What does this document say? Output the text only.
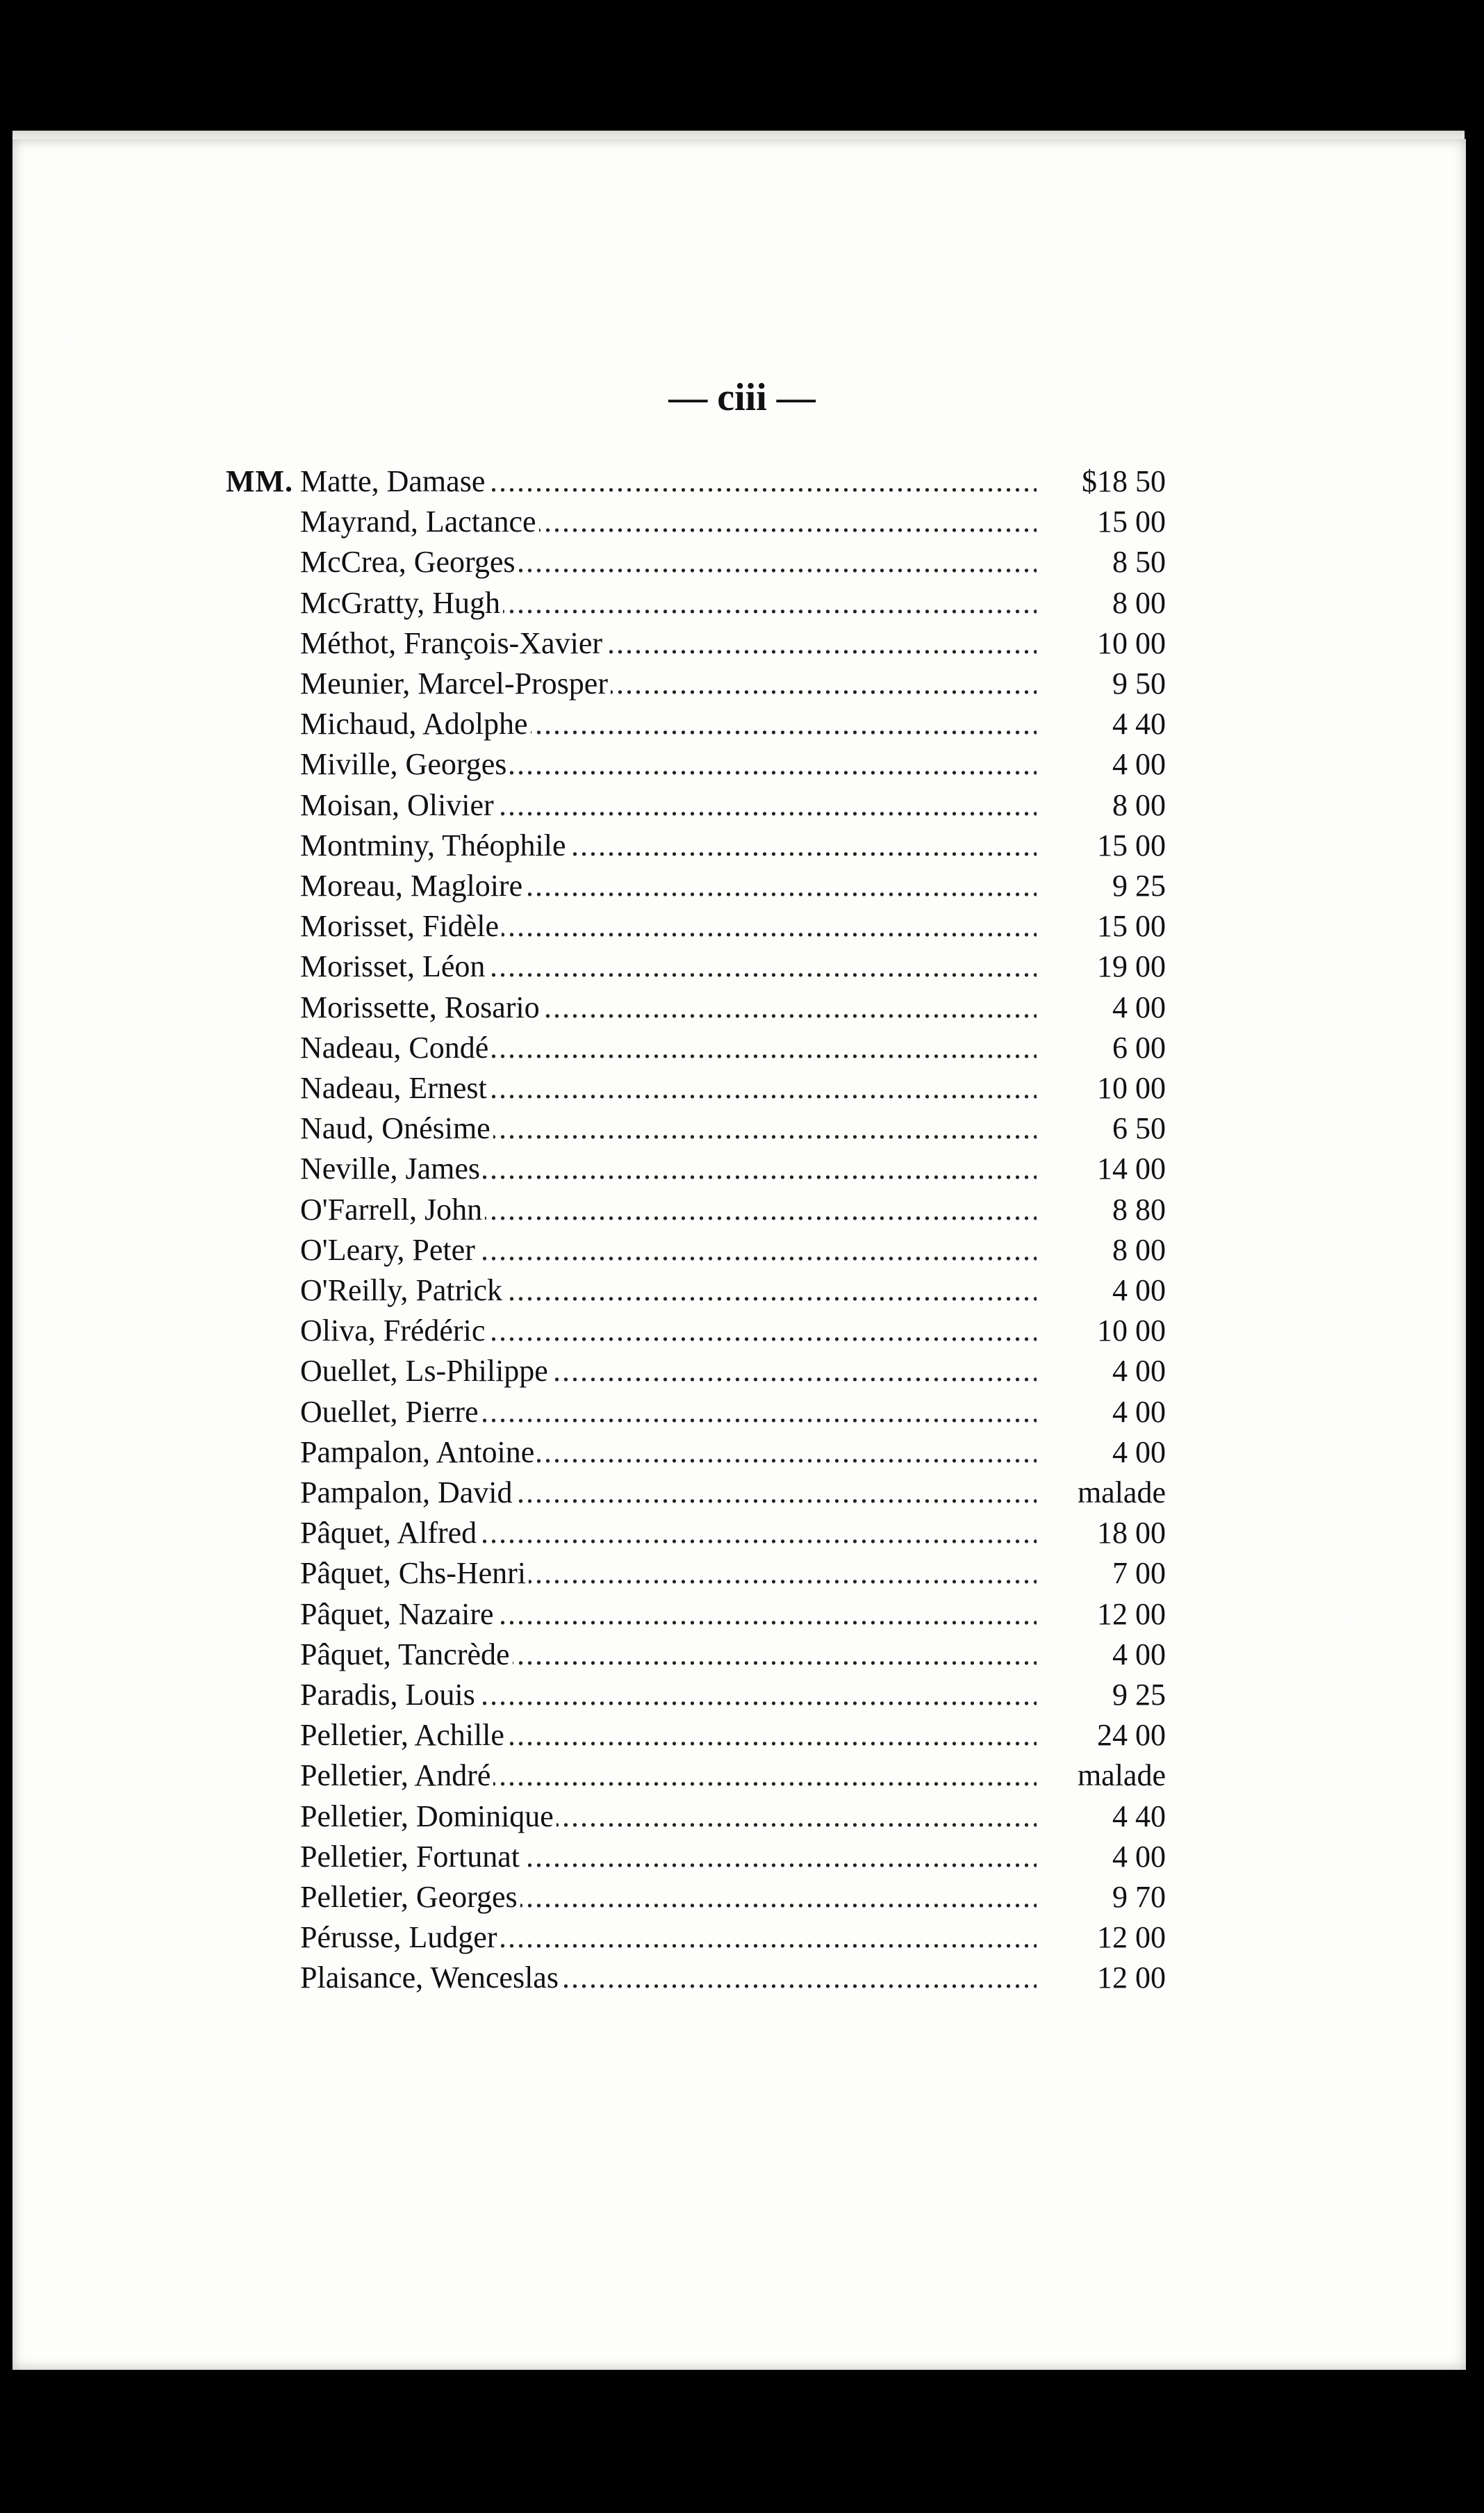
— ciii —
MM. Matte, Damase .....	$18 50
Mayrand, Lactance .....	15 00
McCrea, Georges .....	8 50
McGratty, Hugh .....	8 00
Méthot, François-Xavier .....	10 00
Meunier, Marcel-Prosper .....	9 50
Michaud, Adolphe .....	4 40
Miville, Georges .....	4 00
Moisan, Olivier .....	8 00
Montminy, Théophile .....	15 00
Moreau, Magloire .....	9 25
Morisset, Fidèle .....	15 00
Morisset, Léon .....	19 00
Morissette, Rosario .....	4 00
Nadeau, Condé .....	6 00
Nadeau, Ernest .....	10 00
Naud, Onésime .....	6 50
Neville, James .....	14 00
O'Farrell, John .....	8 80
O'Leary, Peter .....	8 00
O'Reilly, Patrick .....	4 00
Oliva, Frédéric .....	10 00
Ouellet, Ls-Philippe .....	4 00
Ouellet, Pierre .....	4 00
Pampalon, Antoine .....	4 00
Pampalon, David .....	malade
Pâquet, Alfred .....	18 00
Pâquet, Chs-Henri .....	7 00
Pâquet, Nazaire .....	12 00
Pâquet, Tancrède .....	4 00
Paradis, Louis .....	9 25
Pelletier, Achille .....	24 00
Pelletier, André .....	malade
Pelletier, Dominique .....	4 40
Pelletier, Fortunat .....	4 00
Pelletier, Georges .....	9 70
Pérusse, Ludger .....	12 00
Plaisance, Wenceslas .....	12 00
